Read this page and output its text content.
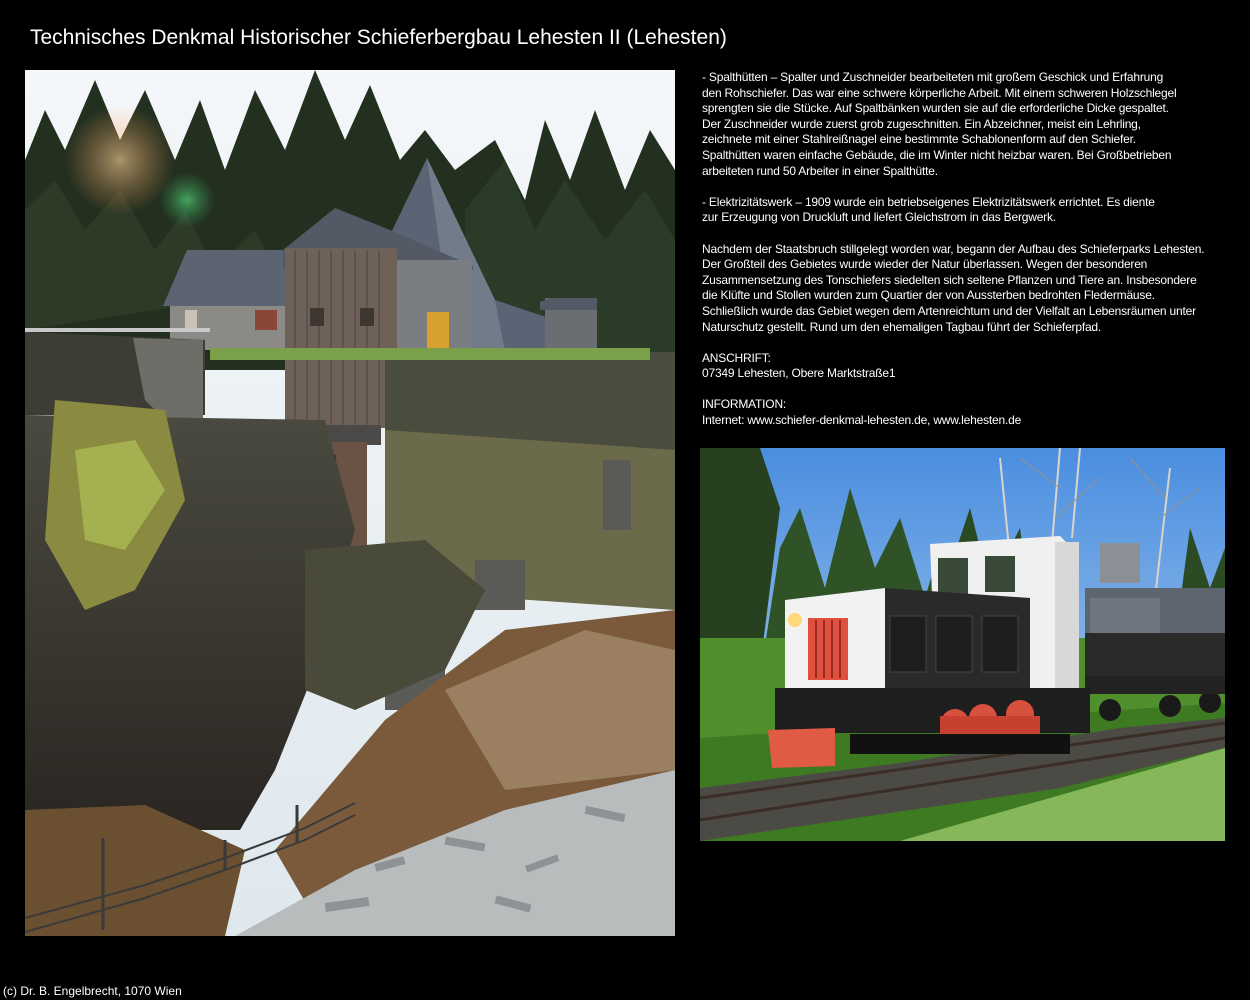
Technisches Denkmal Historischer Schieferbergbau Lehesten II (Lehesten)

- Spalthütten – Spalter und Zuschneider bearbeiteten mit großem Geschick und Erfahrung
den Rohschiefer. Das war eine schwere körperliche Arbeit. Mit einem schweren Holzschlegel
sprengten sie die Stücke. Auf Spaltbänken wurden sie auf die erforderliche Dicke gespaltet.
Der Zuschneider wurde zuerst grob zugeschnitten. Ein Abzeichner, meist ein Lehrling,
zeichnete mit einer Stahlreißnagel eine bestimmte Schablonenform auf den Schiefer.
Spalthütten waren einfache Gebäude, die im Winter nicht heizbar waren. Bei Großbetrieben
arbeiteten rund 50 Arbeiter in einer Spalthütte.

- Elektrizitätswerk – 1909 wurde ein betriebseigenes Elektrizitätswerk errichtet. Es diente
zur Erzeugung von Druckluft und liefert Gleichstrom in das Bergwerk.

Nachdem der Staatsbruch stillgelegt worden war, begann der Aufbau des Schieferparks Lehesten.
Der Großteil des Gebietes wurde wieder der Natur überlassen. Wegen der besonderen
Zusammensetzung des Tonschiefers siedelten sich seltene Pflanzen und Tiere an. Insbesondere
die Klüfte und Stollen wurden zum Quartier der von Aussterben bedrohten Fledermäuse.
Schließlich wurde das Gebiet wegen dem Artenreichtum und der Vielfalt an Lebensräumen unter
Naturschutz gestellt. Rund um den ehemaligen Tagbau führt der Schieferpfad.

ANSCHRIFT:
07349 Lehesten, Obere Marktstraße1

INFORMATION:
Internet: www.schiefer-denkmal-lehesten.de, www.lehesten.de

(c) Dr. B. Engelbrecht, 1070 Wien
